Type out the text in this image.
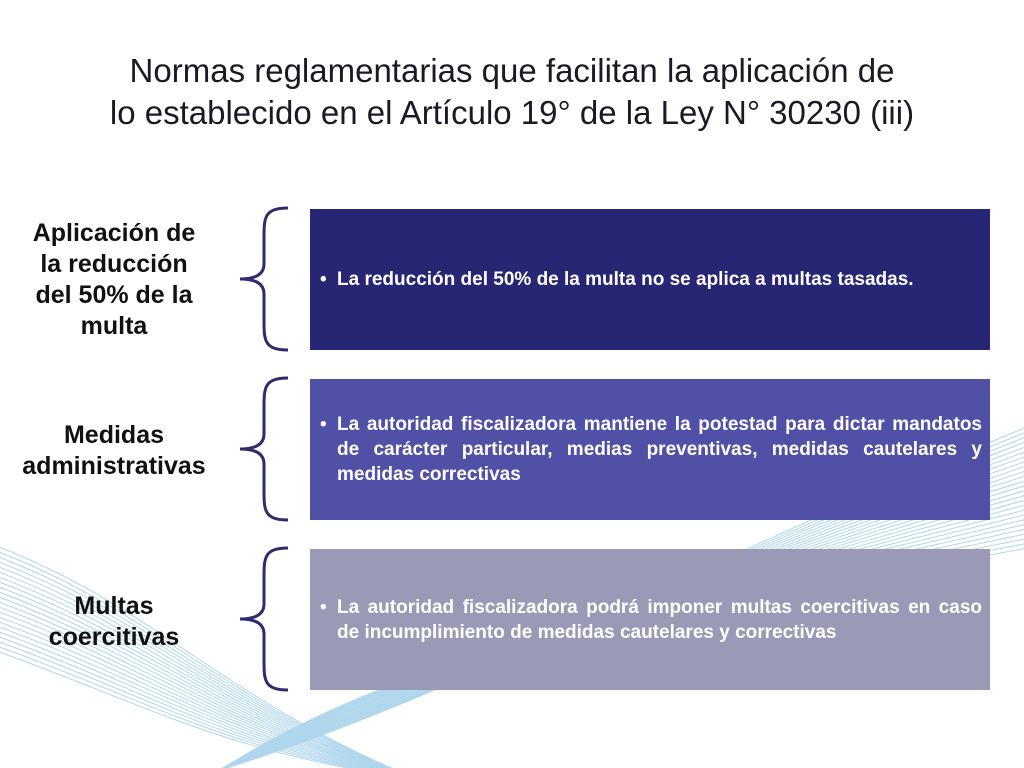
Normas reglamentarias que facilitan la aplicación de
lo establecido en el Artículo 19° de la Ley N° 30230 (iii)
Aplicación de
la reducción
del 50% de la
multa
• La reducción del 50% de la multa no se aplica a multas tasadas.
Medidas
administrativas
• La autoridad fiscalizadora mantiene la potestad para dictar mandatos de carácter particular, medias preventivas, medidas cautelares y medidas correctivas
Multas
coercitivas
• La autoridad fiscalizadora podrá imponer multas coercitivas en caso de incumplimiento de medidas cautelares y correctivas
